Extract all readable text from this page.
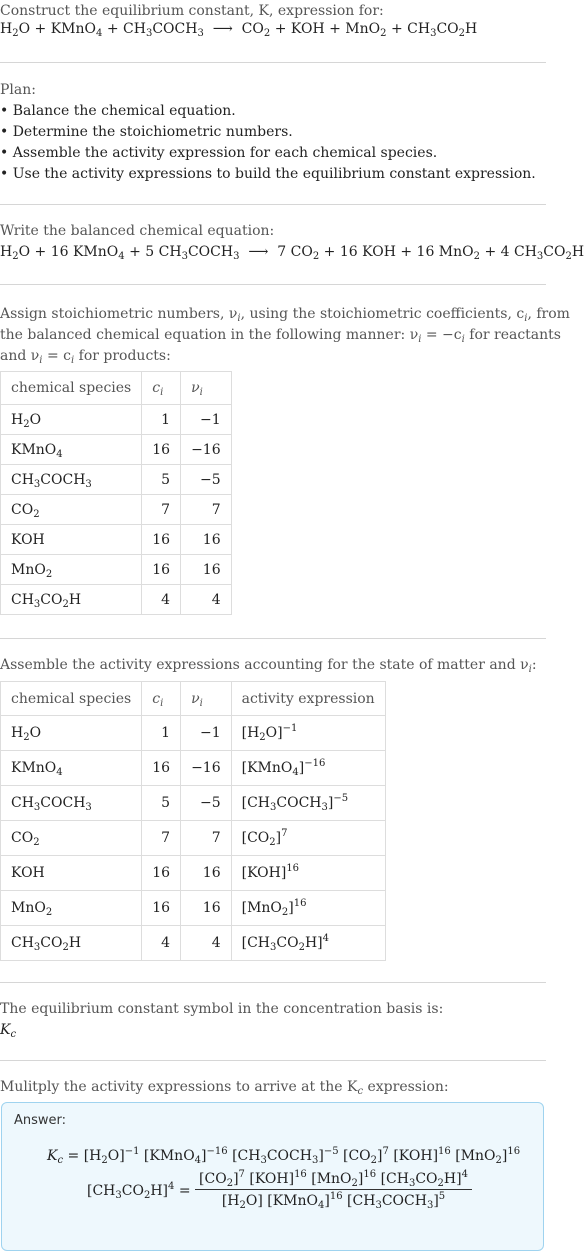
Construct the equilibrium constant, K, expression for:
$H_2O$ + KMnO$_4$ + $CH_3COCH_3$  ⟶  $CO_2$ + KOH + $MnO_2 + CH_3CO_2H$
Plan:
• Balance the chemical equation.
• Determine the stoichiometric numbers.
• Assemble the activity expression for each chemical species.
• Use the activity expressions to build the equilibrium constant expression.
Write the balanced chemical equation:
$H_2O + 16$ KMnO$_4$ + 5 $CH_3COCH_3$  ⟶  7 $CO_2 + 16$ KOH + 16 MnO$_2$ + 4 $CH_3CO_2H$
Assign stoichiometric numbers, $\nu_i$, using the stoichiometric coefficients, $c_i$, from
the balanced chemical equation in the following manner: $\nu_i = -c_i$ for reactants
and $\nu_i = c_i$ for products:
chemical species	$c_i$	$\nu_i$
$H_2O$	1	−1
KMnO$_4$	16	−16
$CH_3COCH_3$	5	−5
$CO_2$	7	7
KOH	16	16
MnO$_2$	16	16
$CH_3CO_2H$	4	4
Assemble the activity expressions accounting for the state of matter and $\nu_i$:
chemical species	$c_i$	$\nu_i$	activity expression
$H_2O$	1	−1	$[H_2O]^{-1}$
KMnO$_4$	16	−16	[KMnO$_4$]$^{-16}$
$CH_3COCH_3$	5	−5	$[CH_3COCH_3]^{-5}$
$CO_2$	7	7	$[CO_2]^7$
KOH	16	16	[KOH]$^{16}$
MnO$_2$	16	16	$[MnO_2]^{16}$
$CH_3CO_2H$	4	4	$[CH_3CO_2H]^4$
The equilibrium constant symbol in the concentration basis is:
$K_c$
Mulitply the activity expressions to arrive at the $K_c$ expression:
Answer:
$K_c = [H_2O]^{-1}$ [KMnO$_4$]$^{-16}$ $[CH_3COCH_3]^{-5}$ $[CO_2]^7$ [KOH]$^{16}$ $[MnO_2]^{16}$
$[CH_3CO_2H]^4 = \frac{[CO_2]^7 [KOH]^{16} [MnO_2]^{16} [CH_3CO_2H]^4}{[H_2O] [KMnO_4]^{16} [CH_3COCH_3]^5}$
